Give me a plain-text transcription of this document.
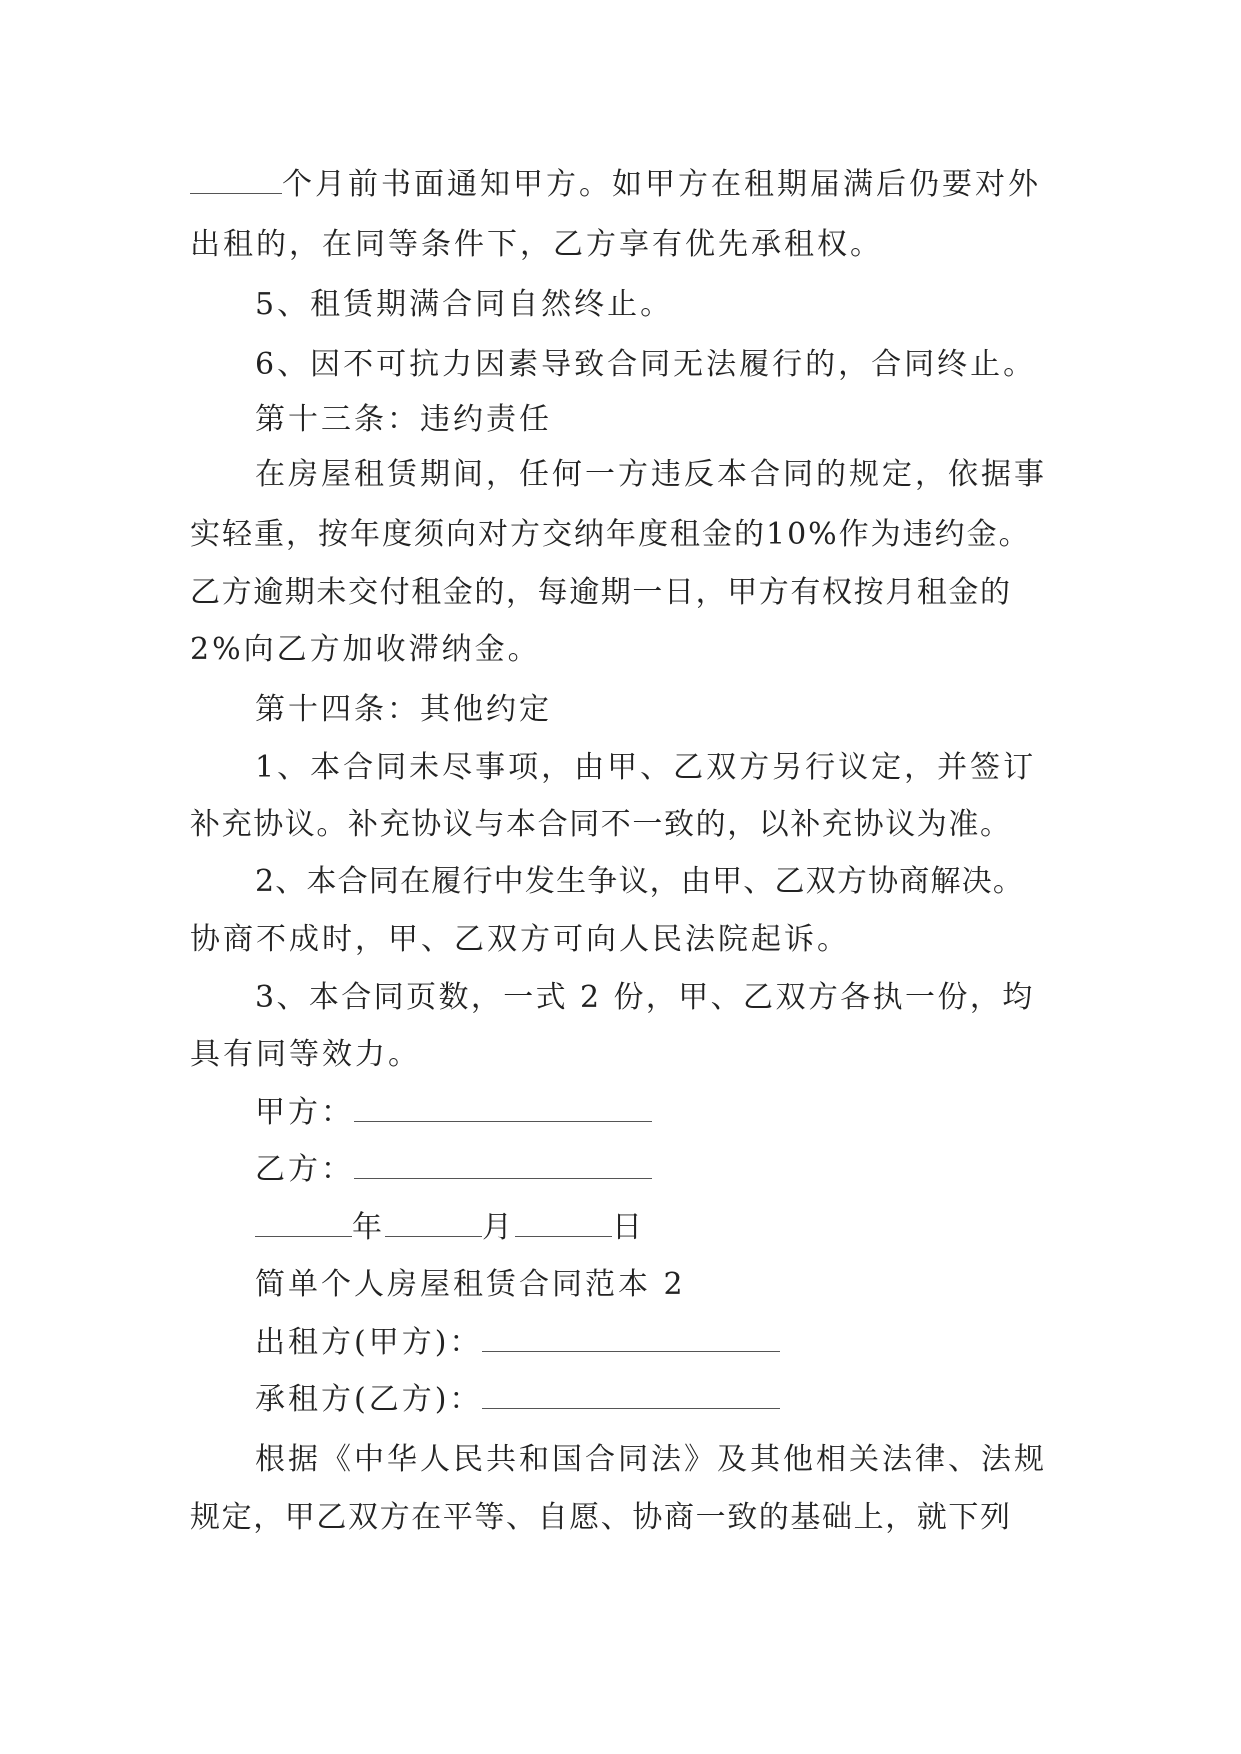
个月前书面通知甲方。如甲方在租期届满后仍要对外
出租的，在同等条件下，乙方享有优先承租权。
5、租赁期满合同自然终止。
6、因不可抗力因素导致合同无法履行的，合同终止。
第十三条：违约责任
在房屋租赁期间，任何一方违反本合同的规定，依据事
实轻重，按年度须向对方交纳年度租金的10%作为违约金。
乙方逾期未交付租金的，每逾期一日，甲方有权按月租金的
2%向乙方加收滞纳金。
第十四条：其他约定
1、本合同未尽事项，由甲、乙双方另行议定，并签订
补充协议。补充协议与本合同不一致的，以补充协议为准。
2、本合同在履行中发生争议，由甲、乙双方协商解决。
协商不成时，甲、乙双方可向人民法院起诉。
3、本合同页数，一式 2 份，甲、乙双方各执一份，均
具有同等效力。
甲方：
乙方：
年	月	日
简单个人房屋租赁合同范本 2
出租方(甲方)：
承租方(乙方)：
根据《中华人民共和国合同法》及其他相关法律、法规
规定，甲乙双方在平等、自愿、协商一致的基础上，就下列
